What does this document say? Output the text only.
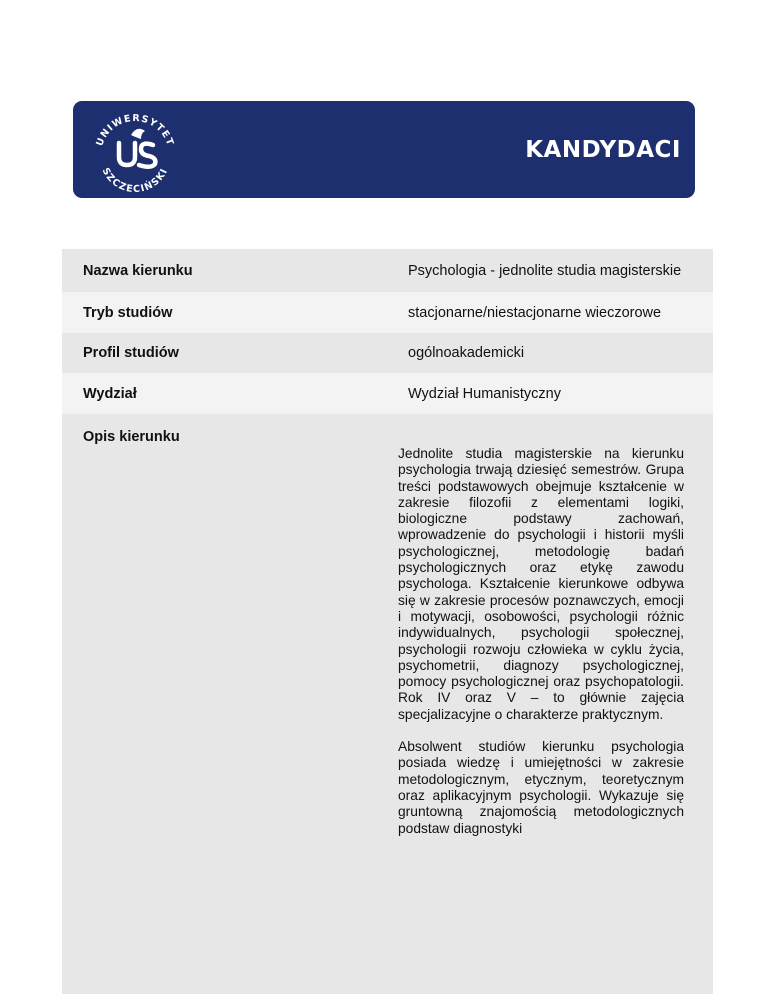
UNIWERSYTET
SZCZECIŃSKI
KANDYDACI
Nazwa kierunku	Psychologia - jednolite studia magisterskie
Tryb studiów	stacjonarne/niestacjonarne wieczorowe
Profil studiów	ogólnoakademicki
Wydział	Wydział Humanistyczny
Opis kierunku

Jednolite studia magisterskie na kierunku psychologia trwają dziesięć semestrów. Grupa treści podstawowych obejmuje kształcenie w zakresie filozofii z elementami logiki, biologiczne podstawy zachowań, wprowadzenie do psychologii i historii myśli psychologicznej, metodologię badań psychologicznych oraz etykę zawodu psychologa. Kształcenie kierunkowe odbywa się w zakresie procesów poznawczych, emocji i motywacji, osobowości, psychologii różnic indywidualnych, psychologii społecznej, psychologii rozwoju człowieka w cyklu życia, psychometrii, diagnozy psychologicznej, pomocy psychologicznej oraz psychopatologii. Rok IV oraz V – to głównie zajęcia specjalizacyjne o charakterze praktycznym.

Absolwent studiów kierunku psychologia posiada wiedzę i umiejętności w zakresie metodologicznym, etycznym, teoretycznym oraz aplikacyjnym psychologii. Wykazuje się gruntowną znajomością metodologicznych podstaw diagnostyki
